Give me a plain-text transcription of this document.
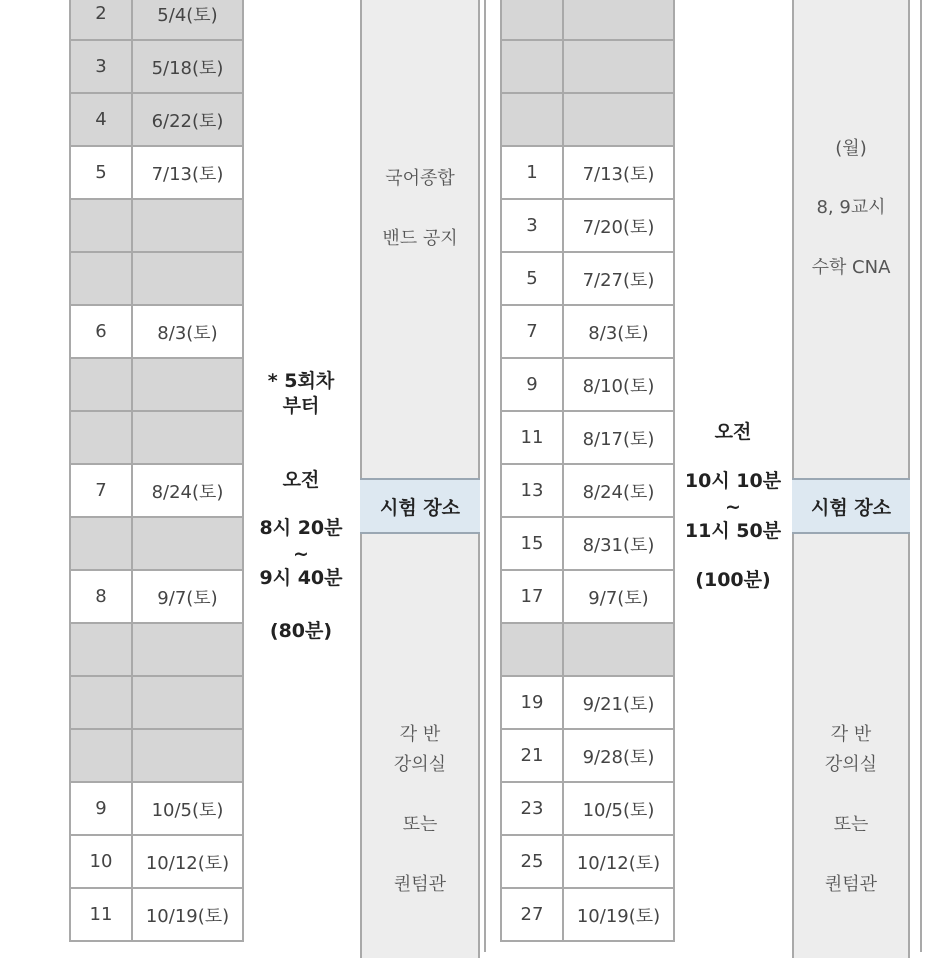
2	5/4(토)
3	5/18(토)
4	6/22(토)
5	7/13(토)

6	8/3(토)

7	8/24(토)

8	9/7(토)

9	10/5(토)
10	10/12(토)
11	10/19(토)

1	7/13(토)
3	7/20(토)
5	7/27(토)
7	8/3(토)
9	8/10(토)
11	8/17(토)
13	8/24(토)
15	8/31(토)
17	9/7(토)

19	9/21(토)
21	9/28(토)
23	10/5(토)
25	10/12(토)
27	10/19(토)
* 5회차
부터
오전
8시 20분
~
9시 40분
(80분)
국어종합
밴드 공지
시험 장소
각 반
강의실
또는
퀀텀관
오전
10시 10분
~
11시 50분
(100분)
(월)
8, 9교시
수학 CNA
시험 장소
각 반
강의실
또는
퀀텀관
